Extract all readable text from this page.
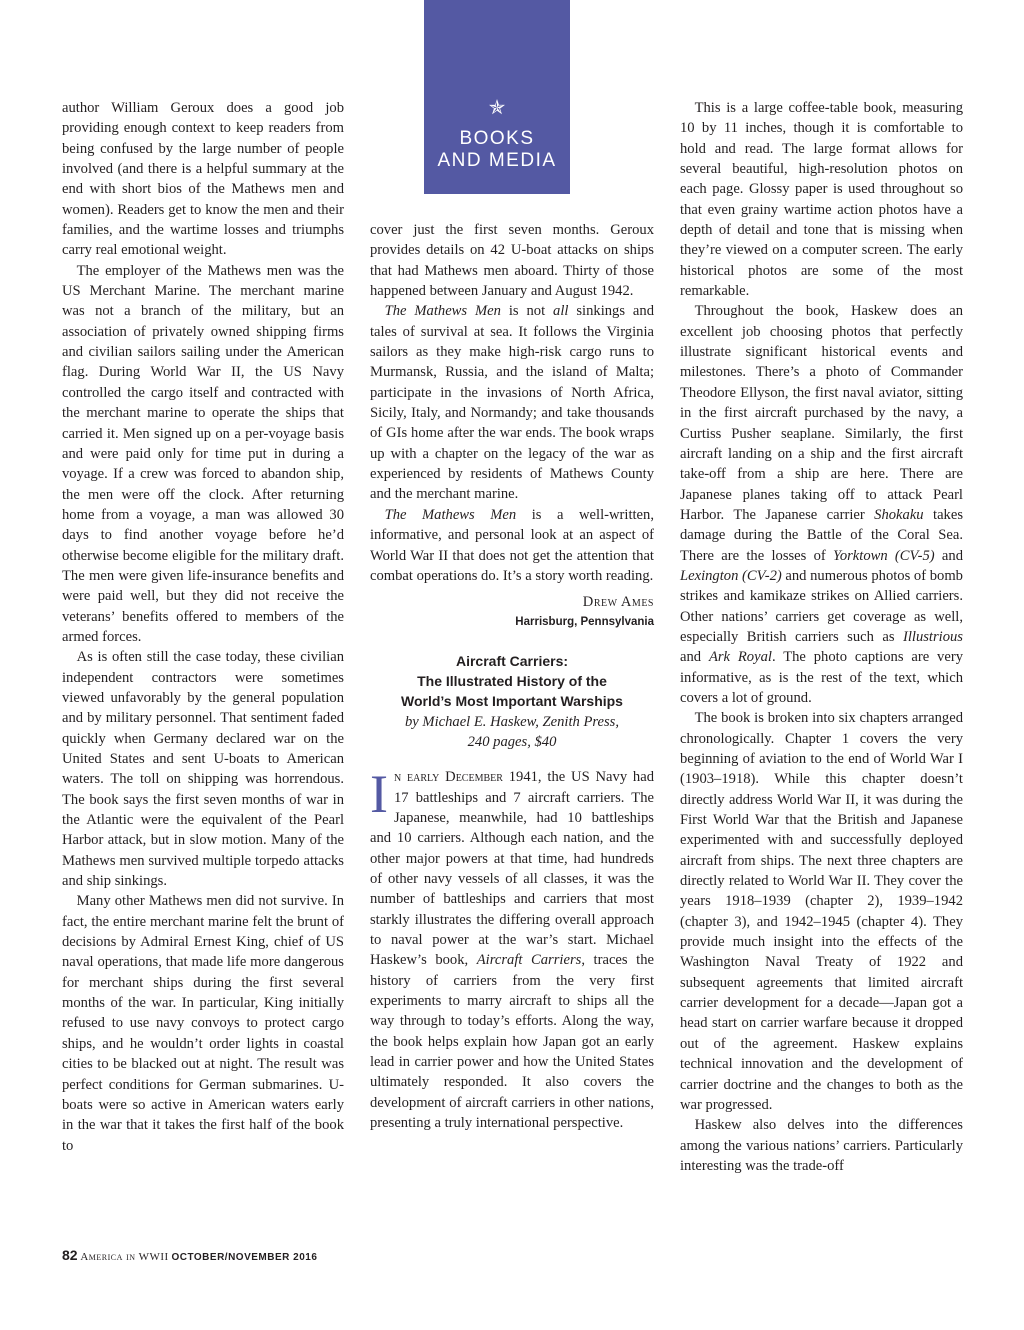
✯
BOOKS
AND MEDIA

author William Geroux does a good job providing enough context to keep readers from being confused by the large number of people involved (and there is a helpful summary at the end with short bios of the Mathews men and women). Readers get to know the men and their families, and the wartime losses and triumphs carry real emotional weight.

The employer of the Mathews men was the US Merchant Marine. The merchant marine was not a branch of the military, but an association of privately owned shipping firms and civilian sailors sailing under the American flag. During World War II, the US Navy controlled the cargo itself and contracted with the merchant marine to operate the ships that carried it. Men signed up on a per-voyage basis and were paid only for time put in during a voyage. If a crew was forced to abandon ship, the men were off the clock. After returning home from a voyage, a man was allowed 30 days to find another voyage before he’d otherwise become eligible for the military draft. The men were given life-insurance benefits and were paid well, but they did not receive the veterans’ benefits offered to members of the armed forces.

As is often still the case today, these civilian independent contractors were sometimes viewed unfavorably by the general population and by military personnel. That sentiment faded quickly when Germany declared war on the United States and sent U-boats to American waters. The toll on shipping was horrendous. The book says the first seven months of war in the Atlantic were the equivalent of the Pearl Harbor attack, but in slow motion. Many of the Mathews men survived multiple torpedo attacks and ship sinkings.

Many other Mathews men did not survive. In fact, the entire merchant marine felt the brunt of decisions by Admiral Ernest King, chief of US naval operations, that made life more dangerous for merchant ships during the first several months of the war. In particular, King initially refused to use navy convoys to protect cargo ships, and he wouldn’t order lights in coastal cities to be blacked out at night. The result was perfect conditions for German submarines. U-boats were so active in American waters early in the war that it takes the first half of the book to

cover just the first seven months. Geroux provides details on 42 U-boat attacks on ships that had Mathews men aboard. Thirty of those happened between January and August 1942.

The Mathews Men is not all sinkings and tales of survival at sea. It follows the Virginia sailors as they make high-risk cargo runs to Murmansk, Russia, and the island of Malta; participate in the invasions of North Africa, Sicily, Italy, and Normandy; and take thousands of GIs home after the war ends. The book wraps up with a chapter on the legacy of the war as experienced by residents of Mathews County and the merchant marine.

The Mathews Men is a well-written, informative, and personal look at an aspect of World War II that does not get the attention that combat operations do. It’s a story worth reading.

Drew Ames
Harrisburg, Pennsylvania
Aircraft Carriers:
The Illustrated History of the
World’s Most Important Warships
by Michael E. Haskew, Zenith Press,
240 pages, $40

In early December 1941, the US Navy had 17 battleships and 7 aircraft carriers. The Japanese, meanwhile, had 10 battleships and 10 carriers. Although each nation, and the other major powers at that time, had hundreds of other navy vessels of all classes, it was the number of battleships and carriers that most starkly illustrates the differing overall approach to naval power at the war’s start. Michael Haskew’s book, Aircraft Carriers, traces the history of carriers from the very first experiments to marry aircraft to ships all the way through to today’s efforts. Along the way, the book helps explain how Japan got an early lead in carrier power and how the United States ultimately responded. It also covers the development of aircraft carriers in other nations, presenting a truly international perspective.

This is a large coffee-table book, measuring 10 by 11 inches, though it is comfortable to hold and read. The large format allows for several beautiful, high-resolution photos on each page. Glossy paper is used throughout so that even grainy wartime action photos have a depth of detail and tone that is missing when they’re viewed on a computer screen. The early historical photos are some of the most remarkable.

Throughout the book, Haskew does an excellent job choosing photos that perfectly illustrate significant historical events and milestones. There’s a photo of Commander Theodore Ellyson, the first naval aviator, sitting in the first aircraft purchased by the navy, a Curtiss Pusher seaplane. Similarly, the first aircraft landing on a ship and the first aircraft take-off from a ship are here. There are Japanese planes taking off to attack Pearl Harbor. The Japanese carrier Shokaku takes damage during the Battle of the Coral Sea. There are the losses of Yorktown (CV-5) and Lexington (CV-2) and numerous photos of bomb strikes and kamikaze strikes on Allied carriers. Other nations’ carriers get coverage as well, especially British carriers such as Illustrious and Ark Royal. The photo captions are very informative, as is the rest of the text, which covers a lot of ground.

The book is broken into six chapters arranged chronologically. Chapter 1 covers the very beginning of aviation to the end of World War I (1903–1918). While this chapter doesn’t directly address World War II, it was during the First World War that the British and Japanese experimented with and successfully deployed aircraft from ships. The next three chapters are directly related to World War II. They cover the years 1918–1939 (chapter 2), 1939–1942 (chapter 3), and 1942–1945 (chapter 4). They provide much insight into the effects of the Washington Naval Treaty of 1922 and subsequent agreements that limited aircraft carrier development for a decade—Japan got a head start on carrier warfare because it dropped out of the agreement. Haskew explains technical innovation and the development of carrier doctrine and the changes to both as the war progressed.

Haskew also delves into the differences among the various nations’ carriers. Particularly interesting was the trade-off

82 America in WWII OCTOBER/NOVEMBER 2016
